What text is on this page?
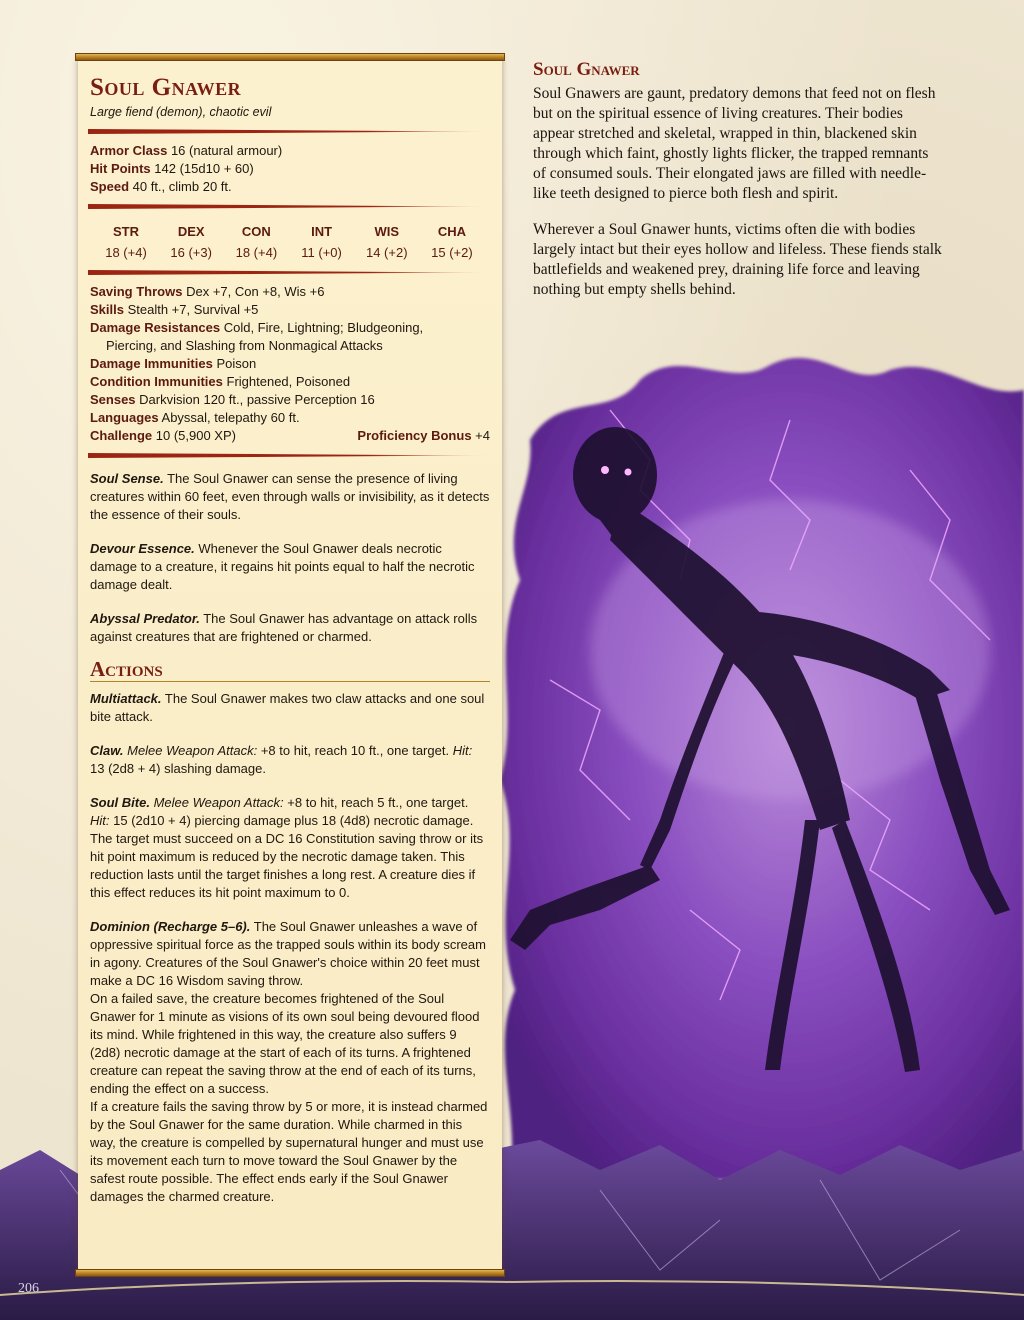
Soul Gnawer
Large fiend (demon), chaotic evil
Armor Class 16 (natural armour)
Hit Points 142 (15d10 + 60)
Speed 40 ft., climb 20 ft.
STR
18 (+4)
DEX
16 (+3)
CON
18 (+4)
INT
11 (+0)
WIS
14 (+2)
CHA
15 (+2)
Saving Throws Dex +7, Con +8, Wis +6
Skills Stealth +7, Survival +5
Damage Resistances Cold, Fire, Lightning; Bludgeoning,
Piercing, and Slashing from Nonmagical Attacks
Damage Immunities Poison
Condition Immunities Frightened, Poisoned
Senses Darkvision 120 ft., passive Perception 16
Languages Abyssal, telepathy 60 ft.
Challenge 10 (5,900 XP)	Proficiency Bonus +4
Soul Sense. The Soul Gnawer can sense the presence of living creatures within 60 feet, even through walls or invisibility, as it detects the essence of their souls.
Devour Essence. Whenever the Soul Gnawer deals necrotic damage to a creature, it regains hit points equal to half the necrotic damage dealt.
Abyssal Predator. The Soul Gnawer has advantage on attack rolls against creatures that are frightened or charmed.
Actions
Multiattack. The Soul Gnawer makes two claw attacks and one soul bite attack.
Claw. Melee Weapon Attack: +8 to hit, reach 10 ft., one target. Hit: 13 (2d8 + 4) slashing damage.
Soul Bite. Melee Weapon Attack: +8 to hit, reach 5 ft., one target. Hit: 15 (2d10 + 4) piercing damage plus 18 (4d8) necrotic damage.
The target must succeed on a DC 16 Constitution saving throw or its hit point maximum is reduced by the necrotic damage taken. This reduction lasts until the target finishes a long rest. A creature dies if this effect reduces its hit point maximum to 0.
Dominion (Recharge 5–6). The Soul Gnawer unleashes a wave of oppressive spiritual force as the trapped souls within its body scream in agony. Creatures of the Soul Gnawer's choice within 20 feet must make a DC 16 Wisdom saving throw.
On a failed save, the creature becomes frightened of the Soul Gnawer for 1 minute as visions of its own soul being devoured flood its mind. While frightened in this way, the creature also suffers 9 (2d8) necrotic damage at the start of each of its turns. A frightened creature can repeat the saving throw at the end of each of its turns, ending the effect on a success.
If a creature fails the saving throw by 5 or more, it is instead charmed by the Soul Gnawer for the same duration. While charmed in this way, the creature is compelled by supernatural hunger and must use its movement each turn to move toward the Soul Gnawer by the safest route possible. The effect ends early if the Soul Gnawer damages the charmed creature.
Soul Gnawer

Soul Gnawers are gaunt, predatory demons that feed not on flesh but on the spiritual essence of living creatures. Their bodies appear stretched and skeletal, wrapped in thin, blackened skin through which faint, ghostly lights flicker, the trapped remnants of consumed souls. Their elongated jaws are filled with needle-like teeth designed to pierce both flesh and spirit.

Wherever a Soul Gnawer hunts, victims often die with bodies largely intact but their eyes hollow and lifeless. These fiends stalk battlefields and weakened prey, draining life force and leaving nothing but empty shells behind.

206
